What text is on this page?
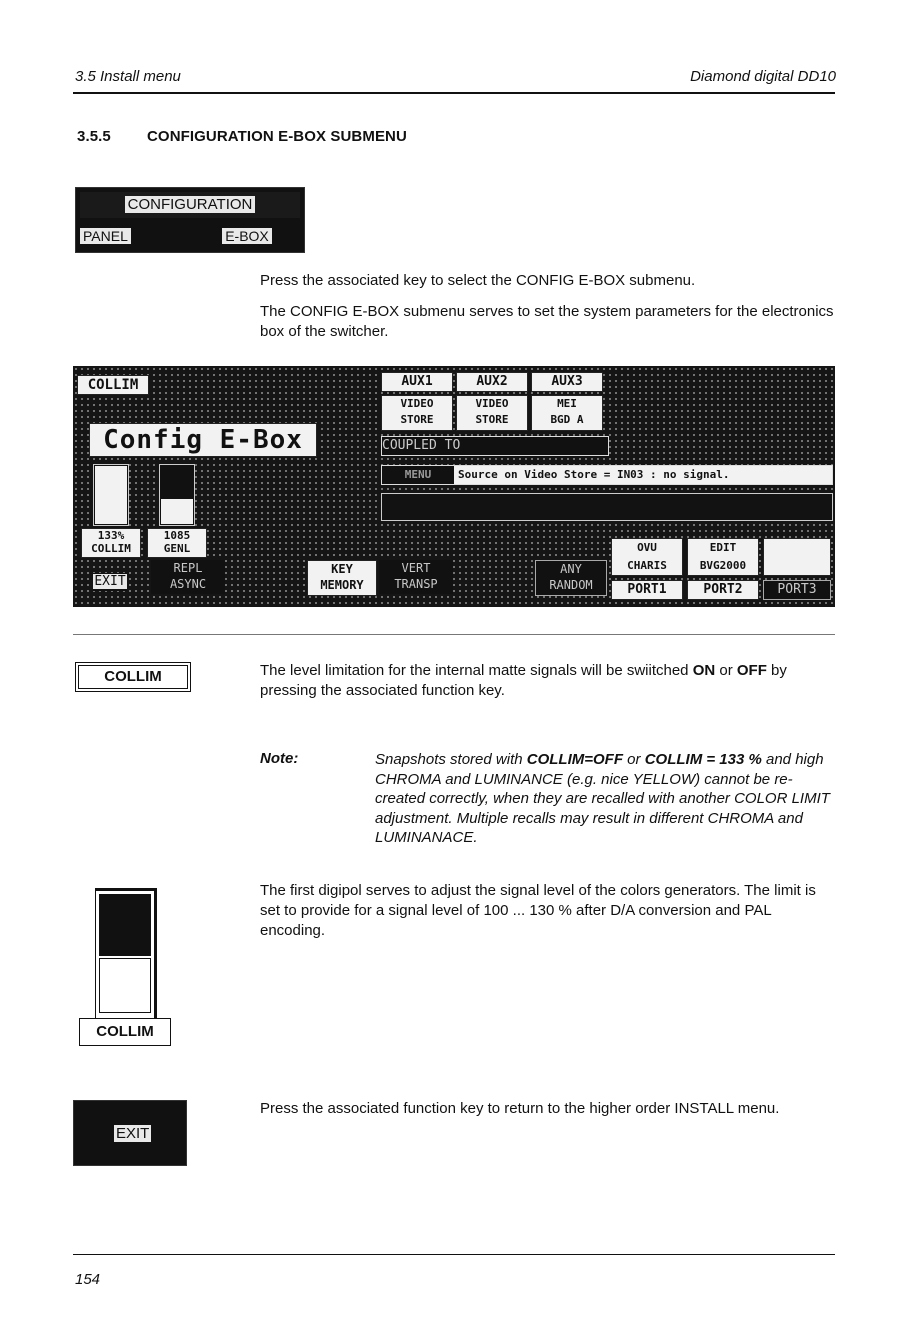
3.5 Install menu	Diamond digital DD10
3.5.5 CONFIGURATION E-BOX SUBMENU
CONFIGURATION
PANEL	E-BOX
Press the associated key to select the CONFIG E-BOX submenu.
The CONFIG E-BOX submenu serves to set the system parameters for the electronics box of the switcher.
COLLIM
Config E-Box
AUX1	AUX2	AUX3
VIDEO
STORE
VIDEO
STORE
MEI
BGD A
COUPLED TO
MENU Source on Video Store = IN03 : no signal.
133%
COLLIM
1085
GENL
EXIT
REPL
ASYNC
KEY
MEMORY
VERT
TRANSP
ANY
RANDOM
OVU
CHARIS
EDIT
BVG2000
PORT1	PORT2	PORT3
COLLIM	The level limitation for the internal matte signals will be swiitched ON or OFF by pressing the associated function key.
Note:	Snapshots stored with COLLIM=OFF or COLLIM = 133 % and high CHROMA and LUMINANCE (e.g. nice YELLOW) cannot be re-created correctly, when they are recalled with another COLOR LIMIT adjustment. Multiple recalls may result in different CHROMA and LUMINANACE.
COLLIM
The first digipol serves to adjust the signal level of the colors generators. The limit is set to provide for a signal level of 100 ... 130 % after D/A conversion and PAL encoding.
EXIT
Press the associated function key to return to the higher order INSTALL menu.
154
